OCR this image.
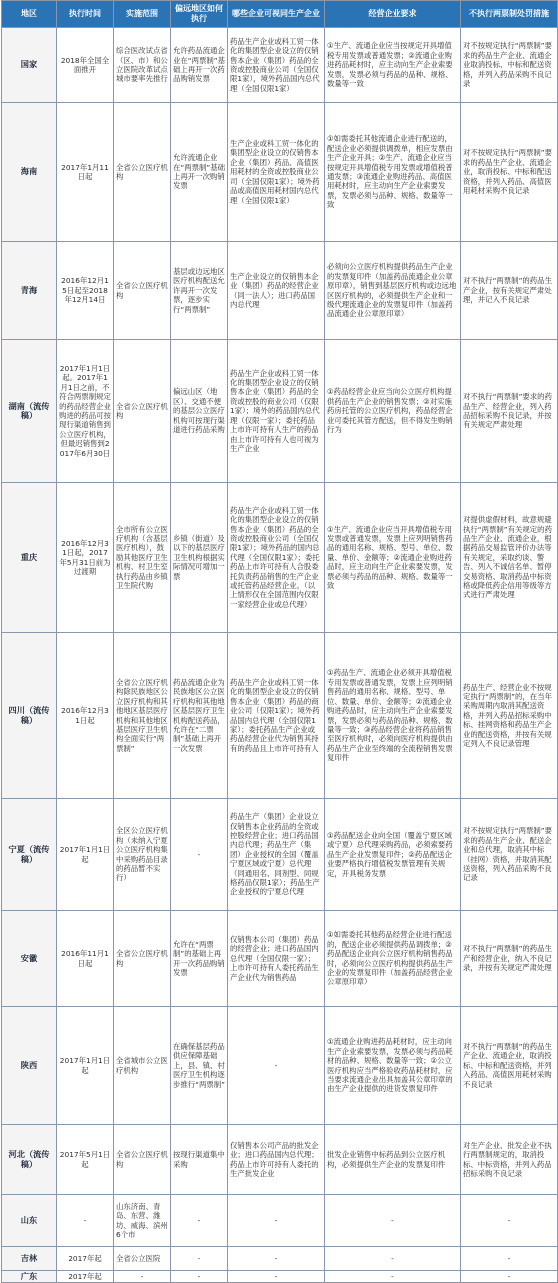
地区	执行时间	实施范围	偏远地区如何执行	哪些企业可视同生产企业	经营企业要求	不执行两票制处罚措施
国家	2018年全国全面推开	综合医改试点省（区、市）和公立医院改革试点城市要率先推行	允许药品流通企业在“两票制”基础上再开一次药品购销发票	药品生产企业或科工贸一体化的集团型企业设立的仅销售本企业（集团）药品的全资或控股商业公司（全国仅限1家），境外药品国内总代理（全国仅限1家）	①生产、流通企业应当按规定开具增值税专用发票或普通发票；②流通企业购进药品耗材时，应主动向生产企业索要发票，发票必须与药品的品种、规格、数量等一致	对不按规定执行“两票制”要求的药品生产企业、流通企业取消投标、中标和配送资格，并列入药品采购不良记录
海南	2017年1月11日起	全省公立医疗机构	允许流通企业在“两票制”基础上再开一次购销发票	生产企业或科工贸一体化的集团型企业设立的仅销售本企业（集团）药品、高值医用耗材的全资或控股商业公司（全国仅限1家）；境外药品或高值医用耗材国内总代理（全国仅限1家）	①如需委托其他流通企业进行配送的，配送企业必须提供调拨单，相应发票由生产企业开具；②生产、流通企业应当按规定开具增值税专用发票或增值税普通发票；③流通企业购进药品、高值医用耗材时，应主动向生产企业索要发票，发票必须与品种、规格、数量等一致	对不按规定执行“两票制”要求的药品生产企业、流通企业，取消投标、中标和配送资格，并列入药品、高值医用耗材采购不良记录
青海	2016年12月15日起至2018年12月14日	全省公立医疗机构	基层或边远地区医疗机构配送允许再开一次发票，逐步实行“两票制”	生产企业设立的仅销售本企业（集团）药品的经营企业（同一法人）；进口药品国内总代理	必须向公立医疗机构提供药品生产企业的发票复印件（加盖药品流通企业公章原印章），销售到基层医疗机构或边远地区医疗机构的，必须提供生产企业和一级代理流通企业的发票复印件（加盖药品流通企业公章原印章）	对不执行“两票制”的药品生产企业，按有关规定严肃处理，并记入不良记录
湖南（流传稿）	2017年1月1日起。2017年1月1日之前，不符合两票制规定的药品经营企业购进的药品可按现行渠道销售到公立医疗机构，但最迟销售到2017年6月30日	全省公立医疗机构	偏远山区（地区）、交通不便的基层公立医疗机构可按现行渠道进行药品采购	药品生产企业或科工贸一体化的集团型企业设立的仅销售本企业（集团）药品的全资或控股的商业公司（仅限1家）；境外的药品国内总代理（仅限一家）；委托药品上市许可持有人生产的药品由上市许可持有人也可视为生产企业	①药品经营企业应当向公立医疗机构提供药品生产企业的销售发票；②对实施药房托管的公立医疗机构，药品经营企业可委托其管方配送，但不得发生购销行为	对不执行“两票制”要求的药品生产、经营企业，列入药品招标采购不良记录，并按有关规定严肃处理
重庆	2016年12月31日起，2017年5月31日前为过渡期	全市所有公立医疗机构（含基层医疗机构），鼓励其他医疗卫生机构、村卫生室执行药品由乡镇卫生院代购	乡镇（街道）及以下的基层医疗卫生机构根据实际情况可增加一票	药品生产企业或科工贸一体化的集团型企业设立的仅销售本企业（集团）药品的全资或控股商业公司（全国仅限1家）；境外药品的国内总代理（全国仅限1家）；委托药品上市许可持有人合股委托负责药品销售的生产企业或托管药品经营企业。（以上情形仅在全国范围内仅限一家经营企业或总代理）	①生产、流通企业应当开具增值税专用发票或普通发票，发票上应列明销售药品的通用名称、规格、型号、单位、数量、单价、金额等；②流通企业购进药品时，应主动向生产企业索要发票，发票必须与药品的品种、规格、数量等一致	对提供虚假材料，故意规避执行“两票制”有关规定的药品生产企业、流通企业，根据药品交易监管评价办法等有关规定，采取约谈、警告、列入不诚信名单、暂停交易资格、取消药品中标资格或降低药企信用等级等方式进行严肃处理
四川（流传稿）	2016年12月31日起	全省公立医疗机构除民族地区公立医疗机构和其他地区基层医疗机构和其他地区基层医疗卫生机构全面实行“两票制”	药品流通企业为民族地区公立医疗机构和其他地区基层医疗卫生机构配送药品，允许在“二票制”基础上再开一次发票	药品生产企业或科工贸一体化的集团型企业设立的仅销售本企业（集团）药品的商业公司（仅限1家）；境外药品国内总代理（全国仅限1家）；委托药品生产企业或药品经营企业代为销售其持有的药品且上市许可持有人	①药品生产、流通企业必须开具增值税专用发票或普通发票，发票上应列明销售药品的通用名称、规格、型号、单位、数量、单价、金额等；②流通企业购进药品时，应主动向生产企业索要发票，发票必须与药品的品种、规格、数量等一致；③药品经营企业将药品销售至医疗机构时，必须向医疗机构提供由药品生产企业至终端的全流程销售发票复印件	药品生产、经营企业不按规定执行“两票制”的，在当年采购周期内取消其配送资格，并列入药品招标采购中标、挂网资格和药品生产企业的配送资格，并按有关规定列入不良记录管理
宁夏（流传稿）	2017年1月1日起	全区公立医疗机构（未纳入宁夏公立医疗机构集中采购药品目录的药品暂不实行）	-	药品生产（集团）企业设立仅销售本企业药品的全资或控股经营企业；进口药品国内总代理；药品生产（集团）企业授权的全国（覆盖宁夏区域或宁夏）总代理（同通用名、同剂型、同规格药品仅限1家）；药品生产企业授权的宁夏总代理	①药品配送企业向全国（覆盖宁夏区域或宁夏）总代理采购药品，必须索要药品生产企业发票复印件；②药品配送企业要严格执行增值税发票管理有关规定，开具税务发票	对不按规定执行“两票制”要求的药品生产企业、配送企业和总代理，取消其中标（挂网）资格，并取消其配送资格，列入药品采购不良记录
安徽	2016年11月1日起	全省公立医疗机构	允许在“两票制”的基础上再开一次药品购销发票	仅销售本公司（集团）药品的经营企业；进口药品国内总代理（全国仅限一家）；上市许可持有人委托药品生产企业代为销售药品	①如需委托其他药品经营企业进行配送的，配送企业必须提供药品调拨单；②药品配送企业向公立医疗机构销售药品时，必须向公立医疗机构提供药品生产企业的发票复印件（加盖药品经营企业公章原印章）	对不执行“两票制”的药品生产和经营企业，纳入不良记录，并按有关规定严肃处理
陕西	2017年1月1日起	全省城市公立医疗机构	在确保基层药品供应保障基础上，县、镇、村医疗卫生机构逐步推行“两票制”	-	①流通企业购进药品耗材时，应主动向生产企业索要发票，发票必须与药品耗材的品种、规格、数量等一致；②公立医疗机构应当严格验收药品耗材时，应当要求流通企业出具加盖其公章印章的由生产企业提供的进货发票复印件	对不执行“两票制”的药品生产企业、流通企业，取消投标、中标和配送资格，并列入药品、高值医用耗材采购不良记录
河北（流传稿）	2017年5月1日起	全省公立医疗机构	按现行渠道集中采购	仅销售本公司产品的批发企业；进口药品国内总代理；药品上市许可持有人委托的生产批发企业	批发企业销售中标药品到公立医疗机构，必须提供生产企业的发票复印件	对生产企业、批发企业不执行两票制规定的，取消投标、中标资格，并列入药品招标采购不良记录
山东	-	山东济南、青岛、东营、潍坊、威海、滨州6个市	-	-	-	-
吉林	2017年起	全省公立医院	-	-	-	-
广东	2017年起	-	-	-	-	-
